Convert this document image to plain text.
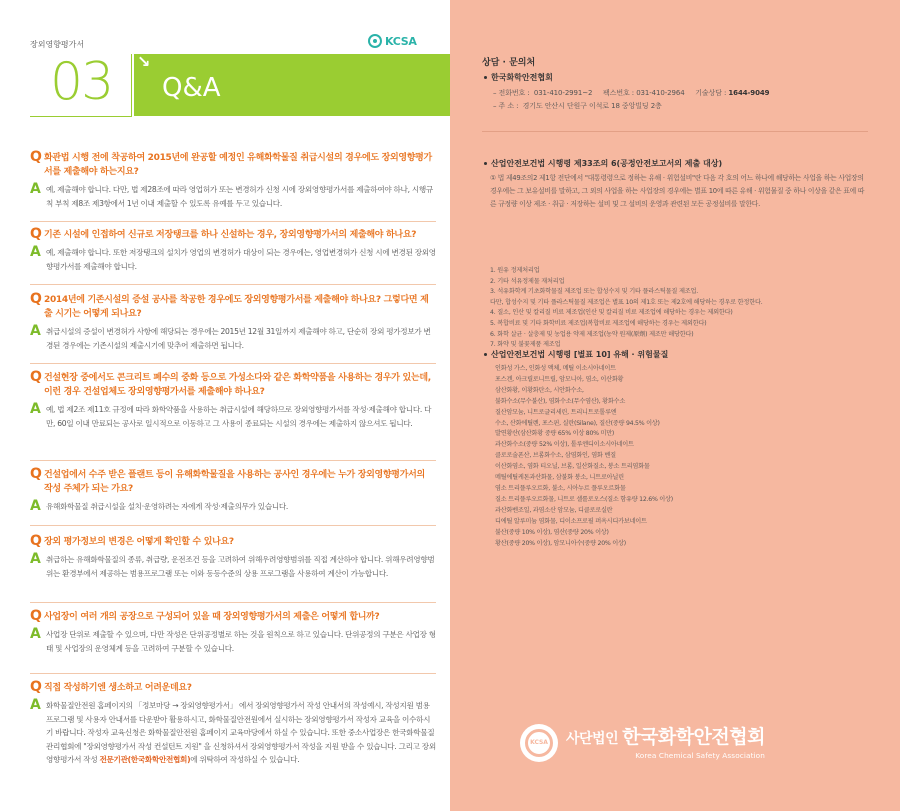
장외영향평가서	KCSA
03 ↘
Q&A
Q 화관법 시행 전에 착공하여 2015년에 완공할 예정인 유해화학물질 취급시설의 경우에도 장외영향평가서를 제출해야 하는지요?
A 예, 제출해야 합니다. 다만, 법 제28조에 따라 영업허가 또는 변경허가 신청 시에 장외영향평가서를 제출하여야 하나, 시행규칙 부칙 제8조 제3항에서 1년 이내 제출할 수 있도록 유예를 두고 있습니다.
Q 기존 시설에 인접하여 신규로 저장탱크를 하나 신설하는 경우, 장외영향평가서의 제출해야 하나요?
A 예, 제출해야 합니다. 또한 저장탱크의 설치가 영업의 변경허가 대상이 되는 경우에는, 영업변경허가 신청 시에 변경된 장외영향평가서를 제출해야 합니다.
Q 2014년에 기존시설의 증설 공사를 착공한 경우에도 장외영향평가서를 제출해야 하나요? 그렇다면 제출 시기는 어떻게 되나요?
A 취급시설의 증설이 변경허가 사항에 해당되는 경우에는 2015년 12월 31일까지 제출해야 하고, 단순히 장외 평가정보가 변경된 경우에는 기존시설의 제출시기에 맞추어 제출하면 됩니다.
Q 건설현장 중에서도 콘크리트 폐수의 중화 등으로 가성소다와 같은 화학약품을 사용하는 경우가 있는데, 이런 경우 건설업체도 장외영향평가서를 제출해야 하나요?
A 예, 법 제2조 제11호 규정에 따라 화학약품을 사용하는 취급시설에 해당하므로 장외영향평가서를 작성·제출해야 합니다. 다만, 60일 이내 만료되는 공사로 일시적으로 이동하고 그 사용이 종료되는 시설의 경우에는 제출하지 않으셔도 됩니다.
Q 건설업에서 수주 받은 플랜트 등이 유해화학물질을 사용하는 공사인 경우에는 누가 장외영향평가서의 작성 주체가 되는 가요?
A 유해화학물질 취급시설을 설치·운영하려는 자에게 작성·제출의무가 있습니다.
Q 장외 평가정보의 변경은 어떻게 확인할 수 있나요?
A 취급하는 유해화학물질의 종류, 취급량, 운전조건 등을 고려하여 위해우려영향범위를 직접 계산하야 합니다. 위해우려영향범위는 환경부에서 제공하는 범용프로그램 또는 이와 동등수준의 상용 프로그램을 사용하여 계산이 가능합니다.
Q 사업장이 여러 개의 공장으로 구성되어 있을 때 장외영향평가서의 제출은 어떻게 합니까?
A 사업장 단위로 제출할 수 있으며, 다만 작성은 단위공정별로 하는 것을 원칙으로 하고 있습니다. 단위공정의 구분은 사업장 형태 및 사업장의 운영체계 등을 고려하여 구분할 수 있습니다.
Q 직접 작성하기엔 생소하고 어려운데요?
A 화학물질안전원 홈페이지의 「정보마당 → 장외영향평가서」 에서 장외영향평가서 작성 안내서의 작성예시, 작성지원 범용프로그램 및 사용자 안내서를 다운받아 활용하시고, 화학물질안전원에서 실시하는 장외영향평가서 작성자 교육을 이수하시기 바랍니다. 작성자 교육신청은 화학물질안전원 홈페이지 교육마당에서 하실 수 있습니다. 또한 중소사업장은 한국화학물질관리협회에 "장외영향평가서 작성 컨설턴트 지원" 을 신청하셔서 장외영향평가서 작성을 지원 받을 수 있습니다. 그리고 장외영향평가서 작성 전문기관(한국화학안전협회)에 위탁하여 작성하실 수 있습니다.
상담 · 문의처
한국화학안전협회
– 전화번호 : 031-410-2991~2 팩스번호 : 031-410-2964 기술상담 : 1644-9049
– 주 소 : 경기도 안산시 단원구 이석로 18 중앙빌딩 2층
산업안전보건법 시행령 제33조의 6(공정안전보고서의 제출 대상)
① 법 제49조의2 제1항 전단에서 "대통령령으로 정하는 유해 · 위험설비"란 다음 각 호의 어느 하나에 해당하는 사업을 하는 사업장의 경우에는 그 보유설비를 말하고, 그 외의 사업을 하는 사업장의 경우에는 별표 10에 따른 유해 · 위험물질 중 하나 이상을 같은 표에 따른 규정량 이상 제조 · 취급 · 저장하는 설비 및 그 설비의 운영과 관련된 모든 공정설비를 말한다.
1. 원유 정제처리업
2. 기타 석유정제물 재처리업
3. 석유화학계 기초화학물질 제조업 또는 합성수지 및 기타 플라스틱물질 제조업.
다만, 합성수지 및 기타 플라스틱물질 제조업은 별표 10의 제1호 또는 제2호에 해당하는 경우로 한정한다.
4. 질소, 인산 및 칼리질 비료 제조업(인산 및 칼리질 비료 제조업에 해당하는 경우는 제외한다)
5. 복합비료 및 기타 화학비료 제조업(복합비료 제조업에 해당하는 경우는 제외한다)
6. 화학 살균 · 살충제 및 농업용 약제 제조업(농약 원제(原劑) 제조만 해당한다)
7. 화약 및 불꽃제품 제조업
산업안전보건법 시행령 [별표 10] 유해 · 위험물질
인화성 가스, 인화성 액체, 메틸 이소시아네이트
포스겐, 아크릴로니트릴, 암모니아, 염소, 이산화황
삼산화황, 이황화탄소, 시안화수소,
불화수소(무수불산), 염화수소(무수염산), 황화수소
질산암모늄, 니트로글리세린, 트리니트로톨루엔
수소, 산화에틸렌, 포스핀, 실란(Silane), 질산(중량 94.5% 이상)
발연황산(삼산화황 중량 65% 이상 80% 미만)
과산화수소(중량 52% 이상), 톨루엔디이소시아네이트
클로로술폰산, 브롬화수소, 삼염화인, 염화 벤질
이산화염소, 염화 티오닐, 브롬, 일산화질소, 붕소 트리염화물
메틸에틸케톤과산화물, 삼불화 붕소, 니트로아닐린
염소 트리플루오르화, 불소, 시아누르 플루오르화물
질소 트리플루오르화물, 니트로 셀롤로오스(질소 함유량 12.6% 이상)
과산화벤조일, 과염소산 암모늄, 디클로로실란
디에틸 알루미늄 염화물, 디이소프로필 퍼옥시디카보네이트
불산(중량 10% 이상), 염산(중량 20% 이상)
황산(중량 20% 이상), 암모니아수(중량 20% 이상)
KCSA 사단법인 한국화학안전협회
Korea Chemical Safety Association
